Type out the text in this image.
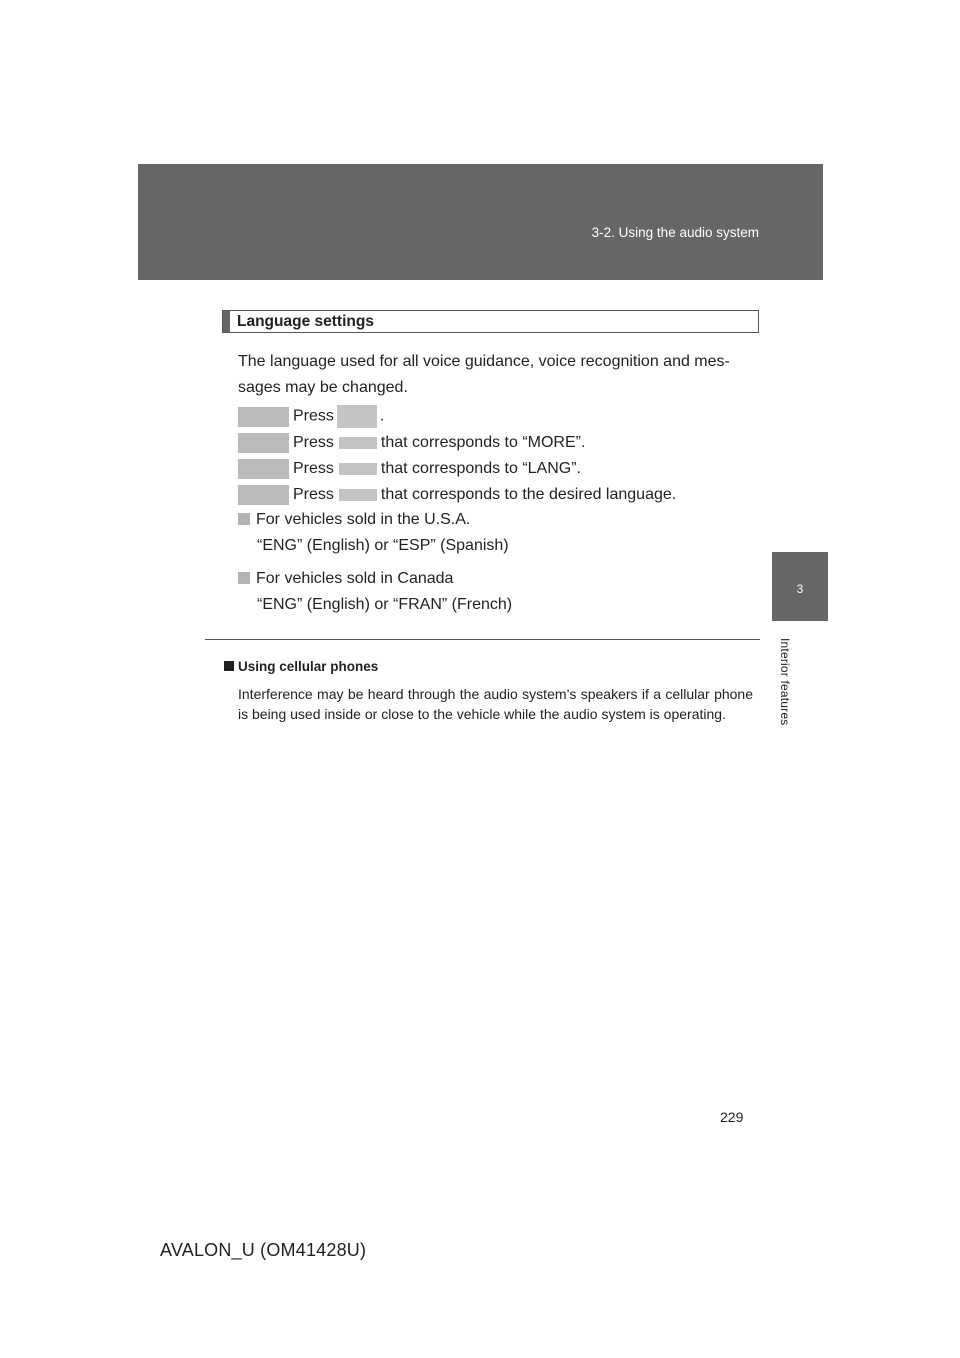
3-2. Using the audio system
3
Interior features
Language settings
The language used for all voice guidance, voice recognition and mes-sages may be changed.
Press	.
Press	that corresponds to “MORE”.
Press	that corresponds to “LANG”.
Press	that corresponds to the desired language.
For vehicles sold in the U.S.A.
“ENG” (English) or “ESP” (Spanish)
For vehicles sold in Canada
“ENG” (English) or “FRAN” (French)
Using cellular phones
Interference may be heard through the audio system’s speakers if a cellular phone is being used inside or close to the vehicle while the audio system is operating.
229
AVALON_U (OM41428U)
